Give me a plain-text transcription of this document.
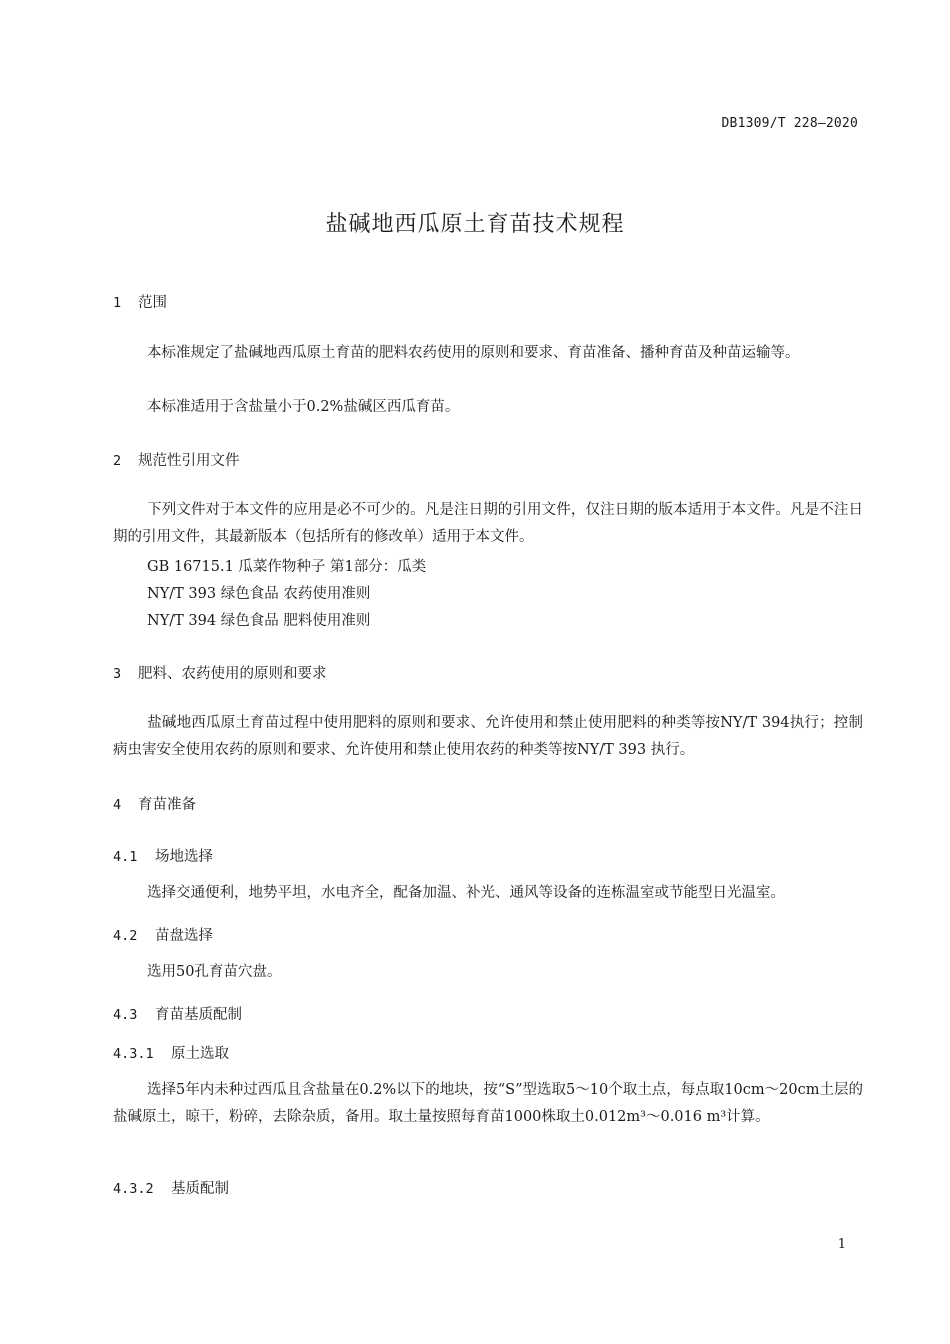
DB1309/T 228—2020
盐碱地西瓜原土育苗技术规程
1 范围
本标准规定了盐碱地西瓜原土育苗的肥料农药使用的原则和要求、育苗准备、播种育苗及种苗运输等。
本标准适用于含盐量小于0.2%盐碱区西瓜育苗。
2 规范性引用文件
下列文件对于本文件的应用是必不可少的。凡是注日期的引用文件，仅注日期的版本适用于本文件。凡是不注日期的引用文件，其最新版本（包括所有的修改单）适用于本文件。
GB 16715.1 瓜菜作物种子 第1部分：瓜类
NY/T 393 绿色食品 农药使用准则
NY/T 394 绿色食品 肥料使用准则
3 肥料、农药使用的原则和要求
盐碱地西瓜原土育苗过程中使用肥料的原则和要求、允许使用和禁止使用肥料的种类等按NY/T 394执行；控制病虫害安全使用农药的原则和要求、允许使用和禁止使用农药的种类等按NY/T 393 执行。
4 育苗准备
4.1 场地选择
选择交通便利，地势平坦，水电齐全，配备加温、补光、通风等设备的连栋温室或节能型日光温室。
4.2 苗盘选择
选用50孔育苗穴盘。
4.3 育苗基质配制
4.3.1 原土选取
选择5年内未种过西瓜且含盐量在0.2%以下的地块，按“S”型选取5～10个取土点，每点取10cm～20cm土层的盐碱原土，晾干，粉碎，去除杂质，备用。取土量按照每育苗1000株取土0.012m³～0.016 m³计算。
4.3.2 基质配制
1
